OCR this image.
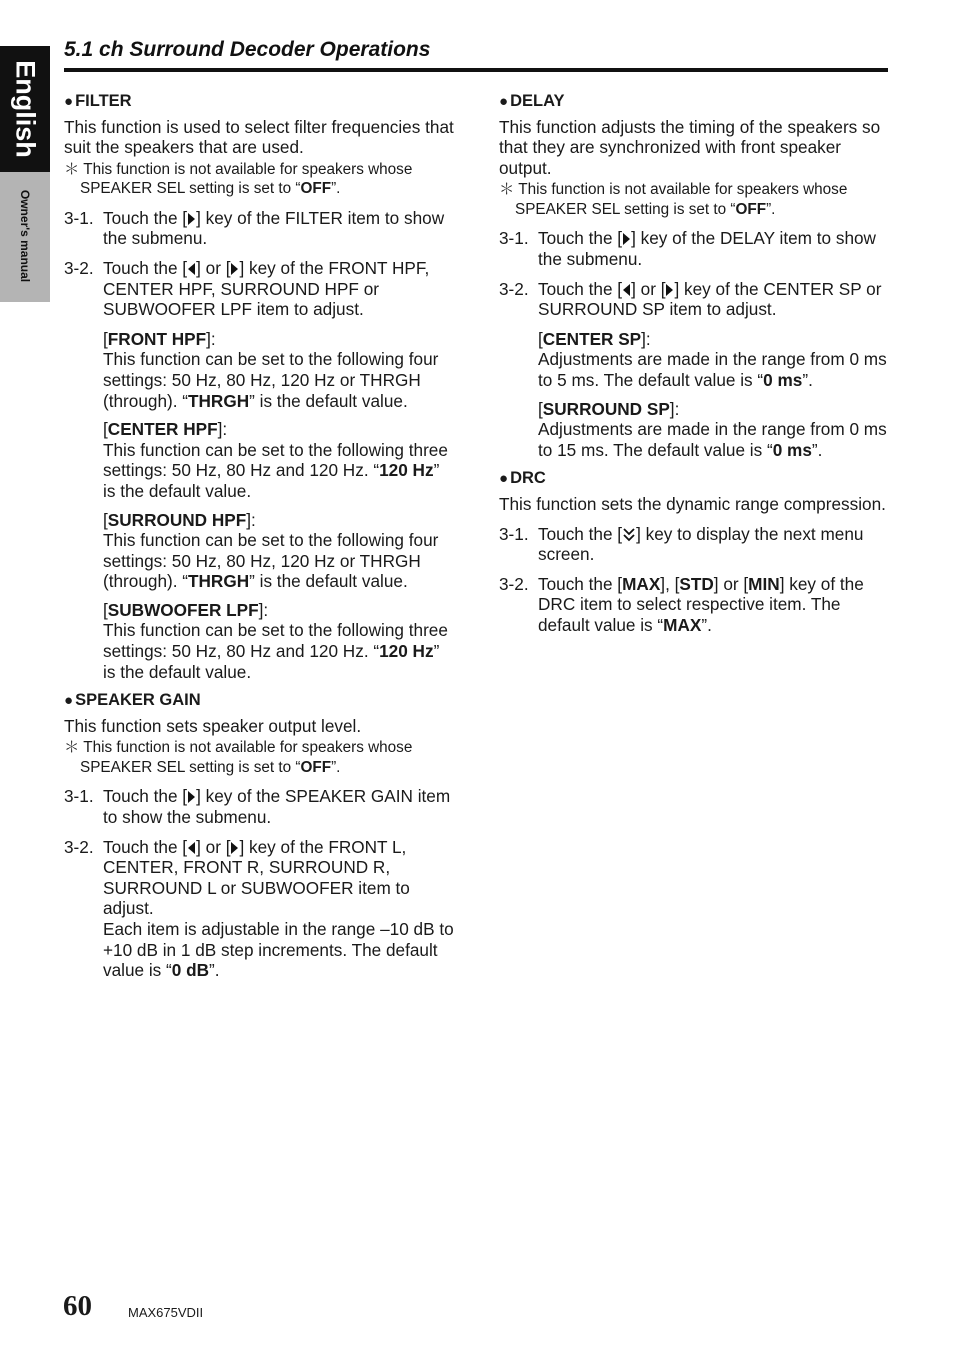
English
Owner's manual
5.1 ch Surround Decoder Operations
● FILTER
This function is used to select filter frequencies that suit the speakers that are used.
＊ This function is not available for speakers whose SPEAKER SEL setting is set to “OFF”.
3-1. Touch the [ ] key of the FILTER item to show the submenu.
3-2. Touch the [ ] or [ ] key of the FRONT HPF, CENTER HPF, SURROUND HPF or SUBWOOFER LPF item to adjust.
[FRONT HPF]:
This function can be set to the following four settings: 50 Hz, 80 Hz, 120 Hz or THRGH (through). “THRGH” is the default value.
[CENTER HPF]:
This function can be set to the following three settings: 50 Hz, 80 Hz and 120 Hz. “120 Hz” is the default value.
[SURROUND HPF]:
This function can be set to the following four settings: 50 Hz, 80 Hz, 120 Hz or THRGH (through). “THRGH” is the default value.
[SUBWOOFER LPF]:
This function can be set to the following three settings: 50 Hz, 80 Hz and 120 Hz. “120 Hz” is the default value.
● SPEAKER GAIN
This function sets speaker output level.
＊ This function is not available for speakers whose SPEAKER SEL setting is set to “OFF”.
3-1. Touch the [ ] key of the SPEAKER GAIN item to show the submenu.
3-2. Touch the [ ] or [ ] key of the FRONT L, CENTER, FRONT R, SURROUND R, SURROUND L or SUBWOOFER item to adjust.
Each item is adjustable in the range –10 dB to +10 dB in 1 dB step increments. The default value is “0 dB”.
● DELAY
This function adjusts the timing of the speakers so that they are synchronized with front speaker output.
＊ This function is not available for speakers whose SPEAKER SEL setting is set to “OFF”.
3-1. Touch the [ ] key of the DELAY item to show the submenu.
3-2. Touch the [ ] or [ ] key of the CENTER SP or SURROUND SP item to adjust.
[CENTER SP]:
Adjustments are made in the range from 0 ms to 5 ms. The default value is “0 ms”.
[SURROUND SP]:
Adjustments are made in the range from 0 ms to 15 ms. The default value is “0 ms”.
● DRC
This function sets the dynamic range compression.
3-1. Touch the [ ] key to display the next menu screen.
3-2. Touch the [MAX], [STD] or [MIN] key of the DRC item to select respective item. The default value is “MAX”.
60	MAX675VDII
